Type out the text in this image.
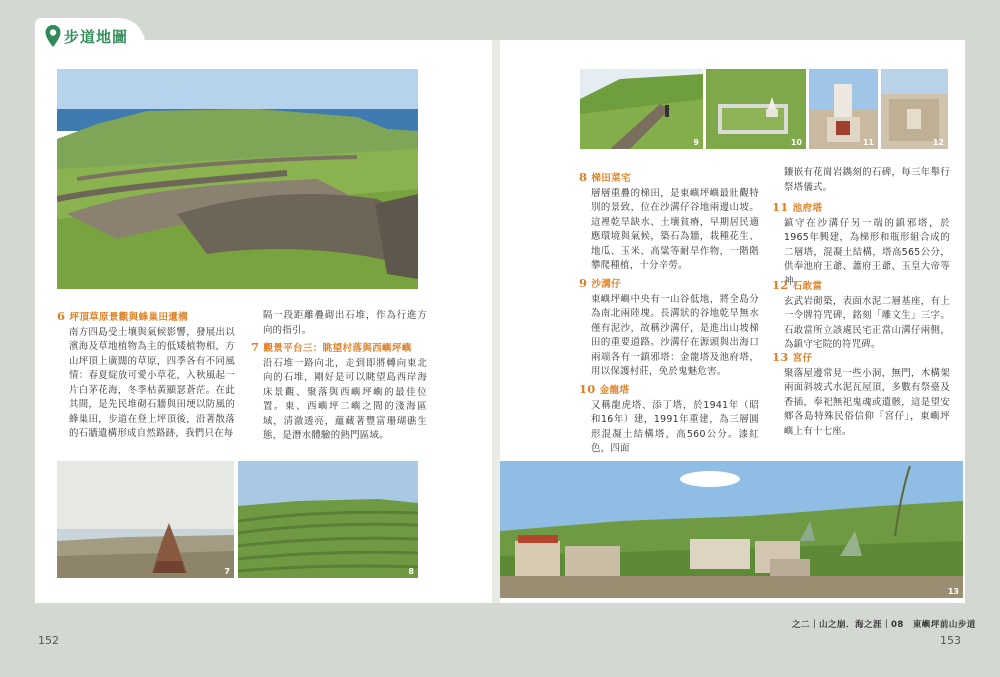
步道地圖
6 坪頂草原景觀與蜂巢田遺構
南方四島受土壤與氣候影響，發展出以濱海及草地植物為主的低矮植物相，方山坪頂上廣闊的草原，四季各有不同風情：春夏綻放可愛小草花，入秋風起一片白茅花海，冬季枯黃顯瑟蒼茫。在此其間，是先民堆砌石牆與田埂以防風的蜂巢田，步道在登上坪頂後，沿著散落的石牆遺構形成自然路跡，我們只在每
隔一段距離疊砌出石堆，作為行進方向的指引。
7 觀景平台三：眺望村落與西嶼坪嶼
沿石堆一路向北，走到即將轉向東北向的石堆，剛好是可以眺望島西岸海床景觀、聚落與西嶼坪嶼的最佳位置。東、西嶼坪二嶼之間的淺海區域，清澈透亮，蘊藏著豐富珊瑚礁生態，是潛水體驗的熱門區域。
7	8
9	10	11	12
8 梯田菜宅
層層重疊的梯田，是東嶼坪嶼最壯觀特別的景致，位在沙溝仔谷地兩邊山坡。這裡乾旱缺水、土壤貧瘠，早期居民適應環境與氣候，築石為牆，栽種花生、地瓜、玉米、高粱等耐旱作物，一階階攀爬種植，十分辛勞。
9 沙溝仔
東嶼坪嶼中央有一山谷低地，將全島分為南北兩陸塊。長溝狀的谷地乾旱無水僅有泥沙，故稱沙溝仔，是進出山坡梯田的重要道路。沙溝仔在源頭與出海口兩端各有一鎮邪塔：金龍塔及池府塔，用以保護村莊，免於鬼魅危害。
10 金龍塔
又稱龍虎塔、添丁塔，於1941年（昭和16年）建，1991年重建，為三層圓形混凝土結構塔，高560公分。漆紅色，四面
鑲嵌有花崗岩鐫刻的石碑，每三年舉行祭塔儀式。
11 池府塔
鎮守在沙溝仔另一端的鎮邪塔，於1965年興建，為梯形和瓶形組合成的二層塔，混凝土結構，塔高565公分，供奉池府王爺、蕭府王爺、玉皇大帝等神。
12 石敢當
玄武岩砌築，表面水泥二層基座，有上一令牌符咒碑，銘刻「雕文生」三字。石敢當所立該處民宅正當山溝仔兩側，為鎮守宅院的符咒碑。
13 宮仔
聚落屋邊常見一些小洞，無門，木構架兩面斜坡式水泥瓦屋頂，多數有祭臺及香插，奉祀無祀鬼魂或遺骸，這是望安鄉各島特殊民俗信仰「宮仔」，東嶼坪嶼上有十七座。
13
之二｜山之崩．海之涯｜08　東嶼坪前山步道
152	153
